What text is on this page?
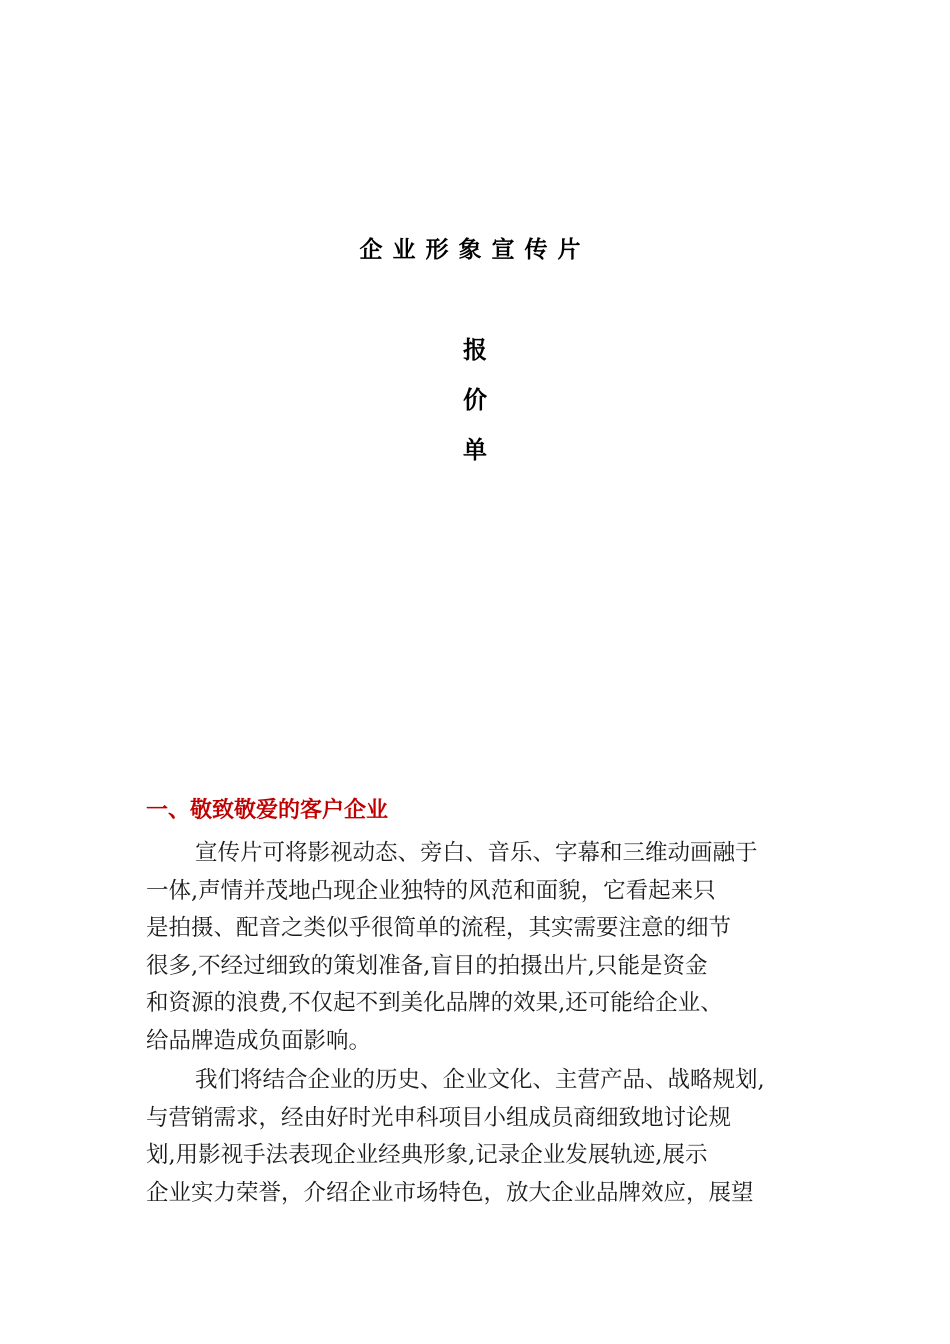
企业形象宣传片
报
价
单
一、敬致敬爱的客户企业
宣传片可将影视动态、旁白、音乐、字幕和三维动画融于
一体,声情并茂地凸现企业独特的风范和面貌，它看起来只
是拍摄、配音之类似乎很简单的流程，其实需要注意的细节
很多,不经过细致的策划准备,盲目的拍摄出片,只能是资金
和资源的浪费,不仅起不到美化品牌的效果,还可能给企业、
给品牌造成负面影响。
我们将结合企业的历史、企业文化、主营产品、战略规划,
与营销需求，经由好时光申科项目小组成员商细致地讨论规
划,用影视手法表现企业经典形象,记录企业发展轨迹,展示
企业实力荣誉，介绍企业市场特色，放大企业品牌效应，展望
